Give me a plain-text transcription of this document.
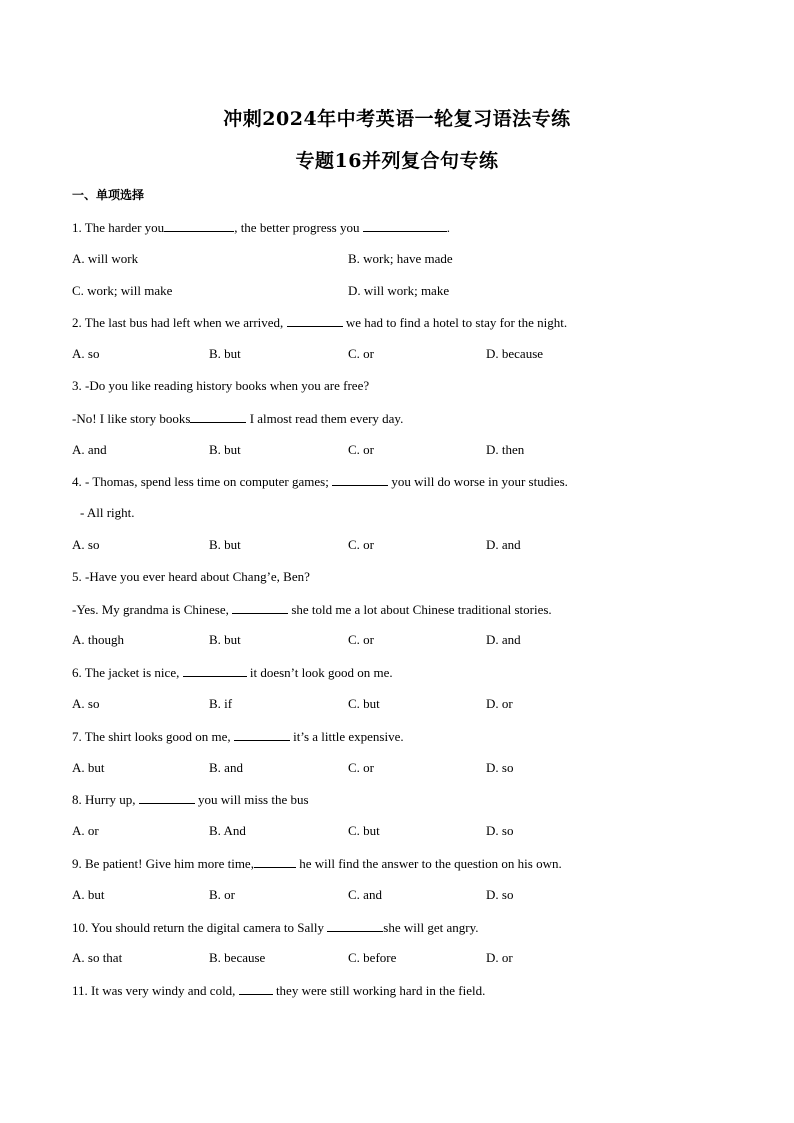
冲刺2024年中考英语一轮复习语法专练
专题16并列复合句专练
一、单项选择
1. The harder you	, the better progress you	.
A. will work	B. work; have made
C. work; will make	D. will work; make
2. The last bus had left when we arrived,	we had to find a hotel to stay for the night.
A. so	B. but	C. or	D. because
3. -Do you like reading history books when you are free?
-No! I like story books	I almost read them every day.
A. and	B. but	C. or	D. then
4. - Thomas, spend less time on computer games;	you will do worse in your studies.
- All right.
A. so	B. but	C. or	D. and
5. -Have you ever heard about Chang’e, Ben?
-Yes. My grandma is Chinese,	she told me a lot about Chinese traditional stories.
A. though	B. but	C. or	D. and
6. The jacket is nice,	it doesn’t look good on me.
A. so	B. if	C. but	D. or
7. The shirt looks good on me,	it’s a little expensive.
A. but	B. and	C. or	D. so
8. Hurry up,	you will miss the bus
A. or	B. And	C. but	D. so
9. Be patient! Give him more time,	he will find the answer to the question on his own.
A. but	B. or	C. and	D. so
10. You should return the digital camera to Sally	she will get angry.
A. so that	B. because	C. before	D. or
11. It was very windy and cold,	they were still working hard in the field.
